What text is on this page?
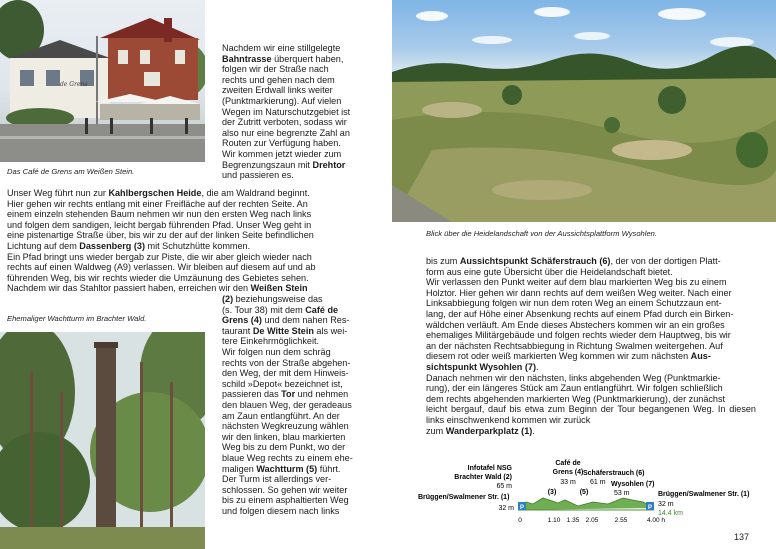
de Grens
Das Café de Grens am Weißen Stein.
Ehemaliger Wachtturm im Brachter Wald.
Blick über die Heidelandschaft von der Aussichtsplattform Wysohlen.

Nachdem wir eine stillgelegte

Bahntrasse überquert haben,

folgen wir der Straße nach

rechts und gehen nach dem

zweiten Erdwall links weiter

(Punktmarkierung). Auf vielen

Wegen im Naturschutzgebiet ist

der Zutritt verboten, sodass wir

also nur eine begrenzte Zahl an

Routen zur Verfügung haben.

Wir kommen jetzt wieder zum

Begrenzungszaun mit Drehtor

und passieren es.

Unser Weg führt nun zur Kahlbergschen Heide, die am Waldrand beginnt.

Hier gehen wir rechts entlang mit einer Freifläche auf der rechten Seite. An

einem einzeln stehenden Baum nehmen wir nun den ersten Weg nach links

und folgen dem sandigen, leicht bergab führenden Pfad. Unser Weg geht in

eine pistenartige Straße über, bis wir zu der auf der linken Seite befindlichen

Lichtung auf dem Dassenberg (3) mit Schutzhütte kommen.

Ein Pfad bringt uns wieder bergab zur Piste, die wir aber gleich wieder nach

rechts auf einen Waldweg (A9) verlassen. Wir bleiben auf diesem auf und ab

führenden Weg, bis wir rechts wieder die Umzäunung des Gebietes sehen.

Nachdem wir das Stahltor passiert haben, erreichen wir den Weißen Stein

(2) beziehungsweise das

(s. Tour 38) mit dem Café de

Grens (4) und dem nahen Res-

taurant De Witte Stein als wei-

tere Einkehrmöglichkeit.

Wir folgen nun dem schräg

rechts von der Straße abgehen-

den Weg, der mit dem Hinweis-

schild »Depot« bezeichnet ist,

passieren das Tor und nehmen

den blauen Weg, der geradeaus

am Zaun entlangführt. An der

nächsten Wegkreuzung wählen

wir den linken, blau markierten

Weg bis zu dem Punkt, wo der

blaue Weg rechts zu einem ehe-

maligen Wachtturm (5) führt.

Der Turm ist allerdings ver-

schlossen. So gehen wir weiter

bis zu einem asphaltierten Weg

und folgen diesem nach links

bis zum Aussichtspunkt Schäferstrauch (6), der von der dortigen Platt-

form aus eine gute Übersicht über die Heidelandschaft bietet.

Wir verlassen den Punkt weiter auf dem blau markierten Weg bis zu einem

Holztor. Hier gehen wir dann rechts auf dem weißen Weg weiter. Nach einer

Linksabbiegung folgen wir nun dem roten Weg an einem Schutzzaun ent-

lang, der auf Höhe einer Absenkung rechts auf einem Pfad durch ein Birken-

wäldchen verläuft. Am Ende dieses Abstechers kommen wir an ein großes

ehemaliges Militärgebäude und folgen rechts wieder dem Hauptweg, bis wir

an der nächsten Rechtsabbiegung in Richtung Swalmen weitergehen. Auf

diesem rot oder weiß markierten Weg kommen wir zum nächsten Aus-

sichtspunkt Wysohlen (7).

Danach nehmen wir den nächsten, links abgehenden Weg (Punktmarkie-

rung), der ein längeres Stück am Zaun entlangführt. Wir folgen schließlich

dem rechts abgehenden markierten Weg (Punktmarkierung), der zunächst

leicht bergauf, dauf bis etwa zum Beginn der Tour begangenen Weg. In diesen links einschwenkend kommen wir zurück

zum Wanderparkplatz (1).

P	P
Infotafel NSG
Brachter Wald (2)
65 m
Café de
Grens (4)
33 m
Schäferstrauch (6)
61 m Wysohlen (7)
53 m
(3)	(5)
Brüggen/Swalmener Str. (1)	Brüggen/Swalmener Str. (1)
32 m
32 m
14.4 km
0	1.10 1.35 2.05	2.55	4.00 h
137
